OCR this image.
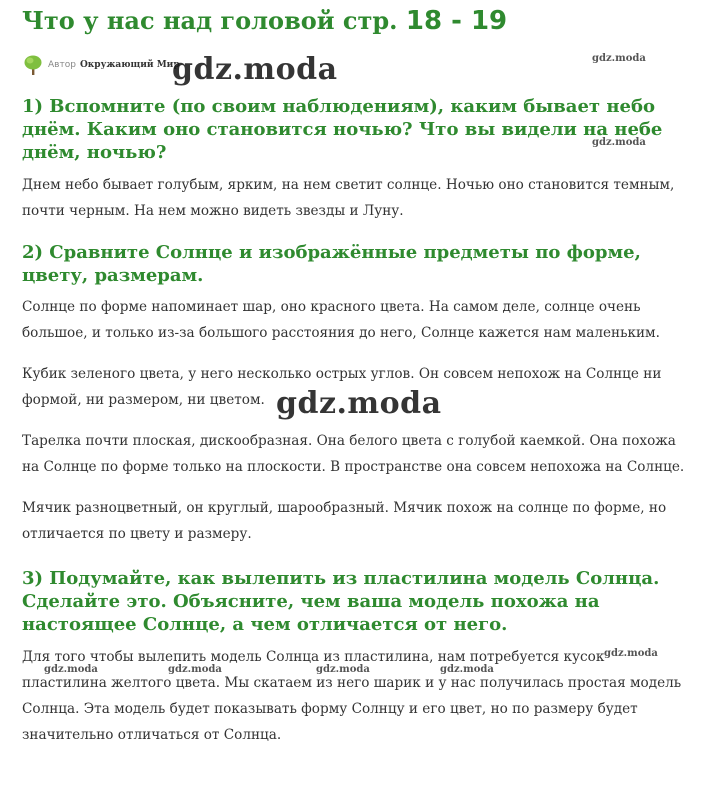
Что у нас над головой стр. 18 - 19
Автор Окружающий Мир
1) Вспомните (по своим наблюдениям), каким бывает небо днём. Каким оно становится ночью? Что вы видели на небе днём, ночью?

Днем небо бывает голубым, ярким, на нем светит солнце. Ночью оно становится темным, почти черным. На нем можно видеть звезды и Луну.

2) Сравните Солнце и изображённые предметы по форме, цвету, размерам.

Солнце по форме напоминает шар, оно красного цвета. На самом деле, солнце очень большое, и только из-за большого расстояния до него, Солнце кажется нам маленьким.

Кубик зеленого цвета, у него несколько острых углов. Он совсем непохож на Солнце ни формой, ни размером, ни цветом.

Тарелка почти плоская, дискообразная. Она белого цвета с голубой каемкой. Она похожа на Солнце по форме только на плоскости. В пространстве она совсем непохожа на Солнце.

Мячик разноцветный, он круглый, шарообразный. Мячик похож на солнце по форме, но отличается по цвету и размеру.

3) Подумайте, как вылепить из пластилина модель Солнца. Сделайте это. Объясните, чем ваша модель похожа на настоящее Солнце, а чем отличается от него.

Для того чтобы вылепить модель Солнца из пластилина, нам потребуется кусок пластилина желтого цвета. Мы скатаем из него шарик и у нас получилась простая модель Солнца. Эта модель будет показывать форму Солнцу и его цвет, но по размеру будет значительно отличаться от Солнца.

gdz.moda
gdz.moda
gdz.moda
gdz.moda
gdz.moda
gdz.moda	gdz.moda	gdz.moda	gdz.moda
